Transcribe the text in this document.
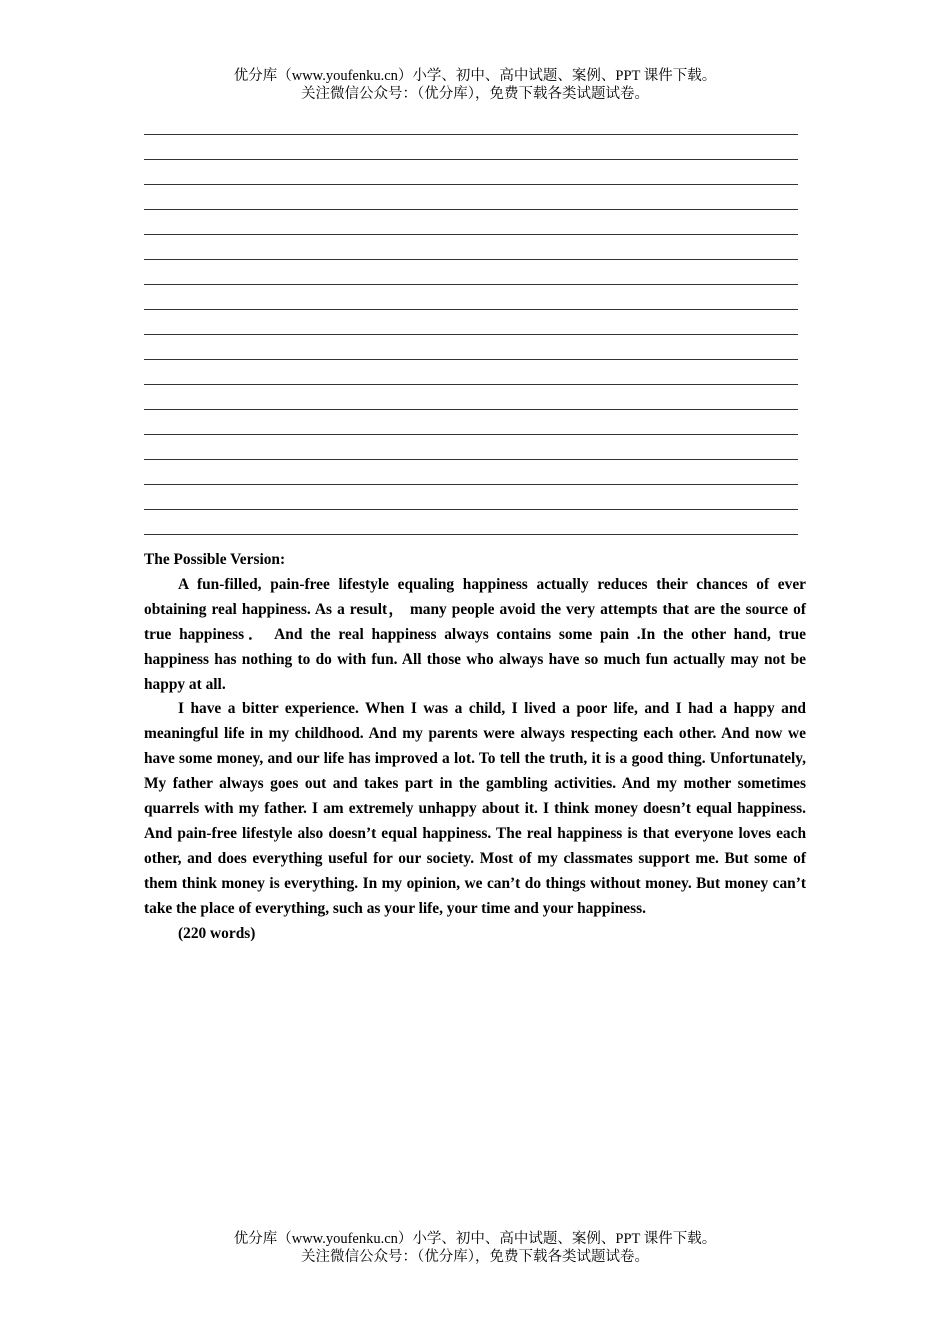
优分库（www.youfenku.cn）小学、初中、高中试题、案例、PPT 课件下载。
关注微信公众号：（优分库），免费下载各类试题试卷。

The Possible Version:

A fun-filled, pain-free lifestyle equaling happiness actually reduces their chances of ever obtaining real happiness. As a result， many people avoid the very attempts that are the source of true happiness． And the real happiness always contains some pain .In the other hand, true happiness has nothing to do with fun. All those who always have so much fun actually may not be happy at all.

I have a bitter experience. When I was a child, I lived a poor life, and I had a happy and meaningful life in my childhood. And my parents were always respecting each other. And now we have some money, and our life has improved a lot. To tell the truth, it is a good thing. Unfortunately, My father always goes out and takes part in the gambling activities. And my mother sometimes quarrels with my father. I am extremely unhappy about it. I think money doesn’t equal happiness. And pain-free lifestyle also doesn’t equal happiness. The real happiness is that everyone loves each other, and does everything useful for our society. Most of my classmates support me. But some of them think money is everything. In my opinion, we can’t do things without money. But money can’t take the place of everything, such as your life, your time and your happiness.

(220 words)

优分库（www.youfenku.cn）小学、初中、高中试题、案例、PPT 课件下载。
关注微信公众号：（优分库），免费下载各类试题试卷。
